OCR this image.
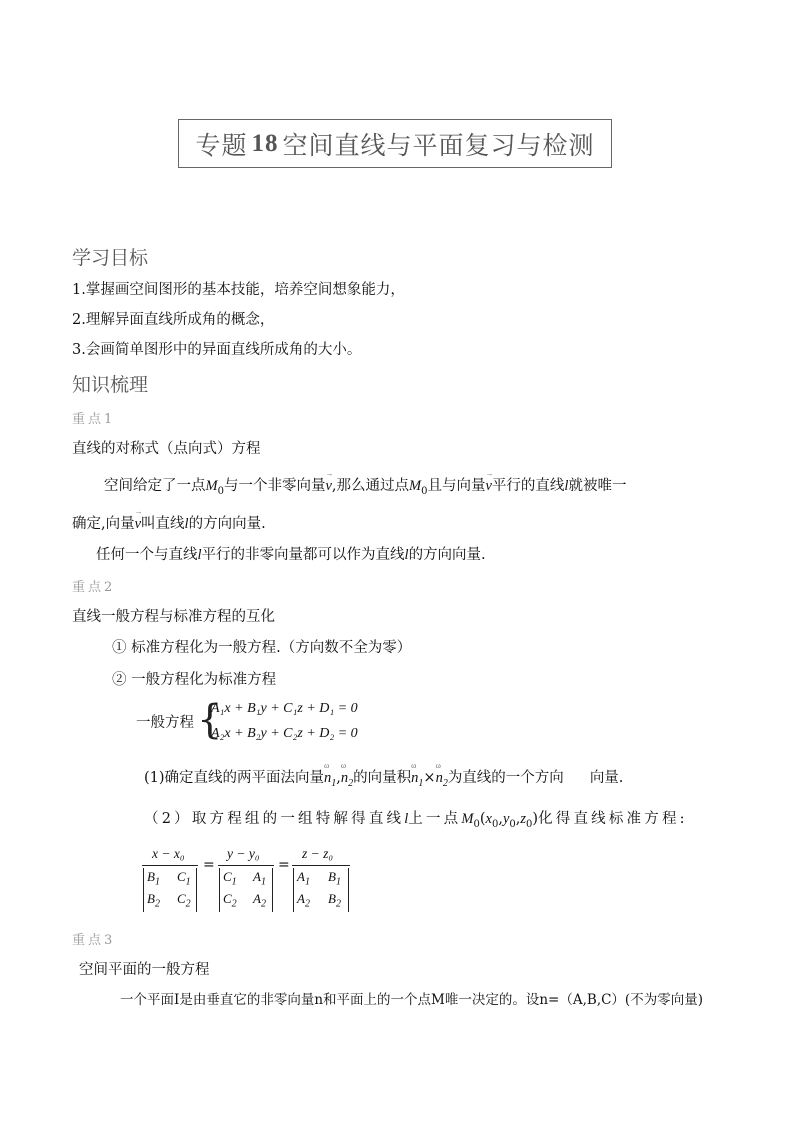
专题 18 空间直线与平面复习与检测
学习目标
1.掌握画空间图形的基本技能，培养空间想象能力，
2.理解异面直线所成角的概念，
3.会画简单图形中的异面直线所成角的大小。
知识梳理
重点1
直线的对称式（点向式）方程
空间给定了一点$M_0$与一个非零向量v
→
,那么通过点$M_0$且与向量v
→
平行的直线l就被唯一
确定,向量v
→
叫直线l的方向向量.
任何一个与直线l平行的非零向量都可以作为直线l的方向向量.
重点2
直线一般方程与标准方程的互化
① 标准方程化为一般方程.（方向数不全为零）
② 一般方程化为标准方程
一般方程 {
A₁x + B₁y + C₁z + D₁ = 0
A₂x + B₂y + C₂z + D₂ = 0
(1)确定直线的两平面法向量$n_1$
ω
$,n_2$
ω
的向量积$n_1$
ω
$\times n_2$
ω
为直线的一个方向 向量.
（2）取方程组的一组特解得直线l上一点$M_0(x_0,y_0,z_0)$化得直线标准方程:
x − x₀
$B_1$ $C_1$
$B_2$ $C_2$
=
y − y₀
$C_1$ $A_1$
$C_2$ $A_2$
=
z − z₀
$A_1$ $B_1$
$A_2$ $B_2$
重点3
空间平面的一般方程
一个平面Ⅰ是由垂直它的非零向量n和平面上的一个点M唯一决定的。设n=（A,B,C）(不为零向量)
